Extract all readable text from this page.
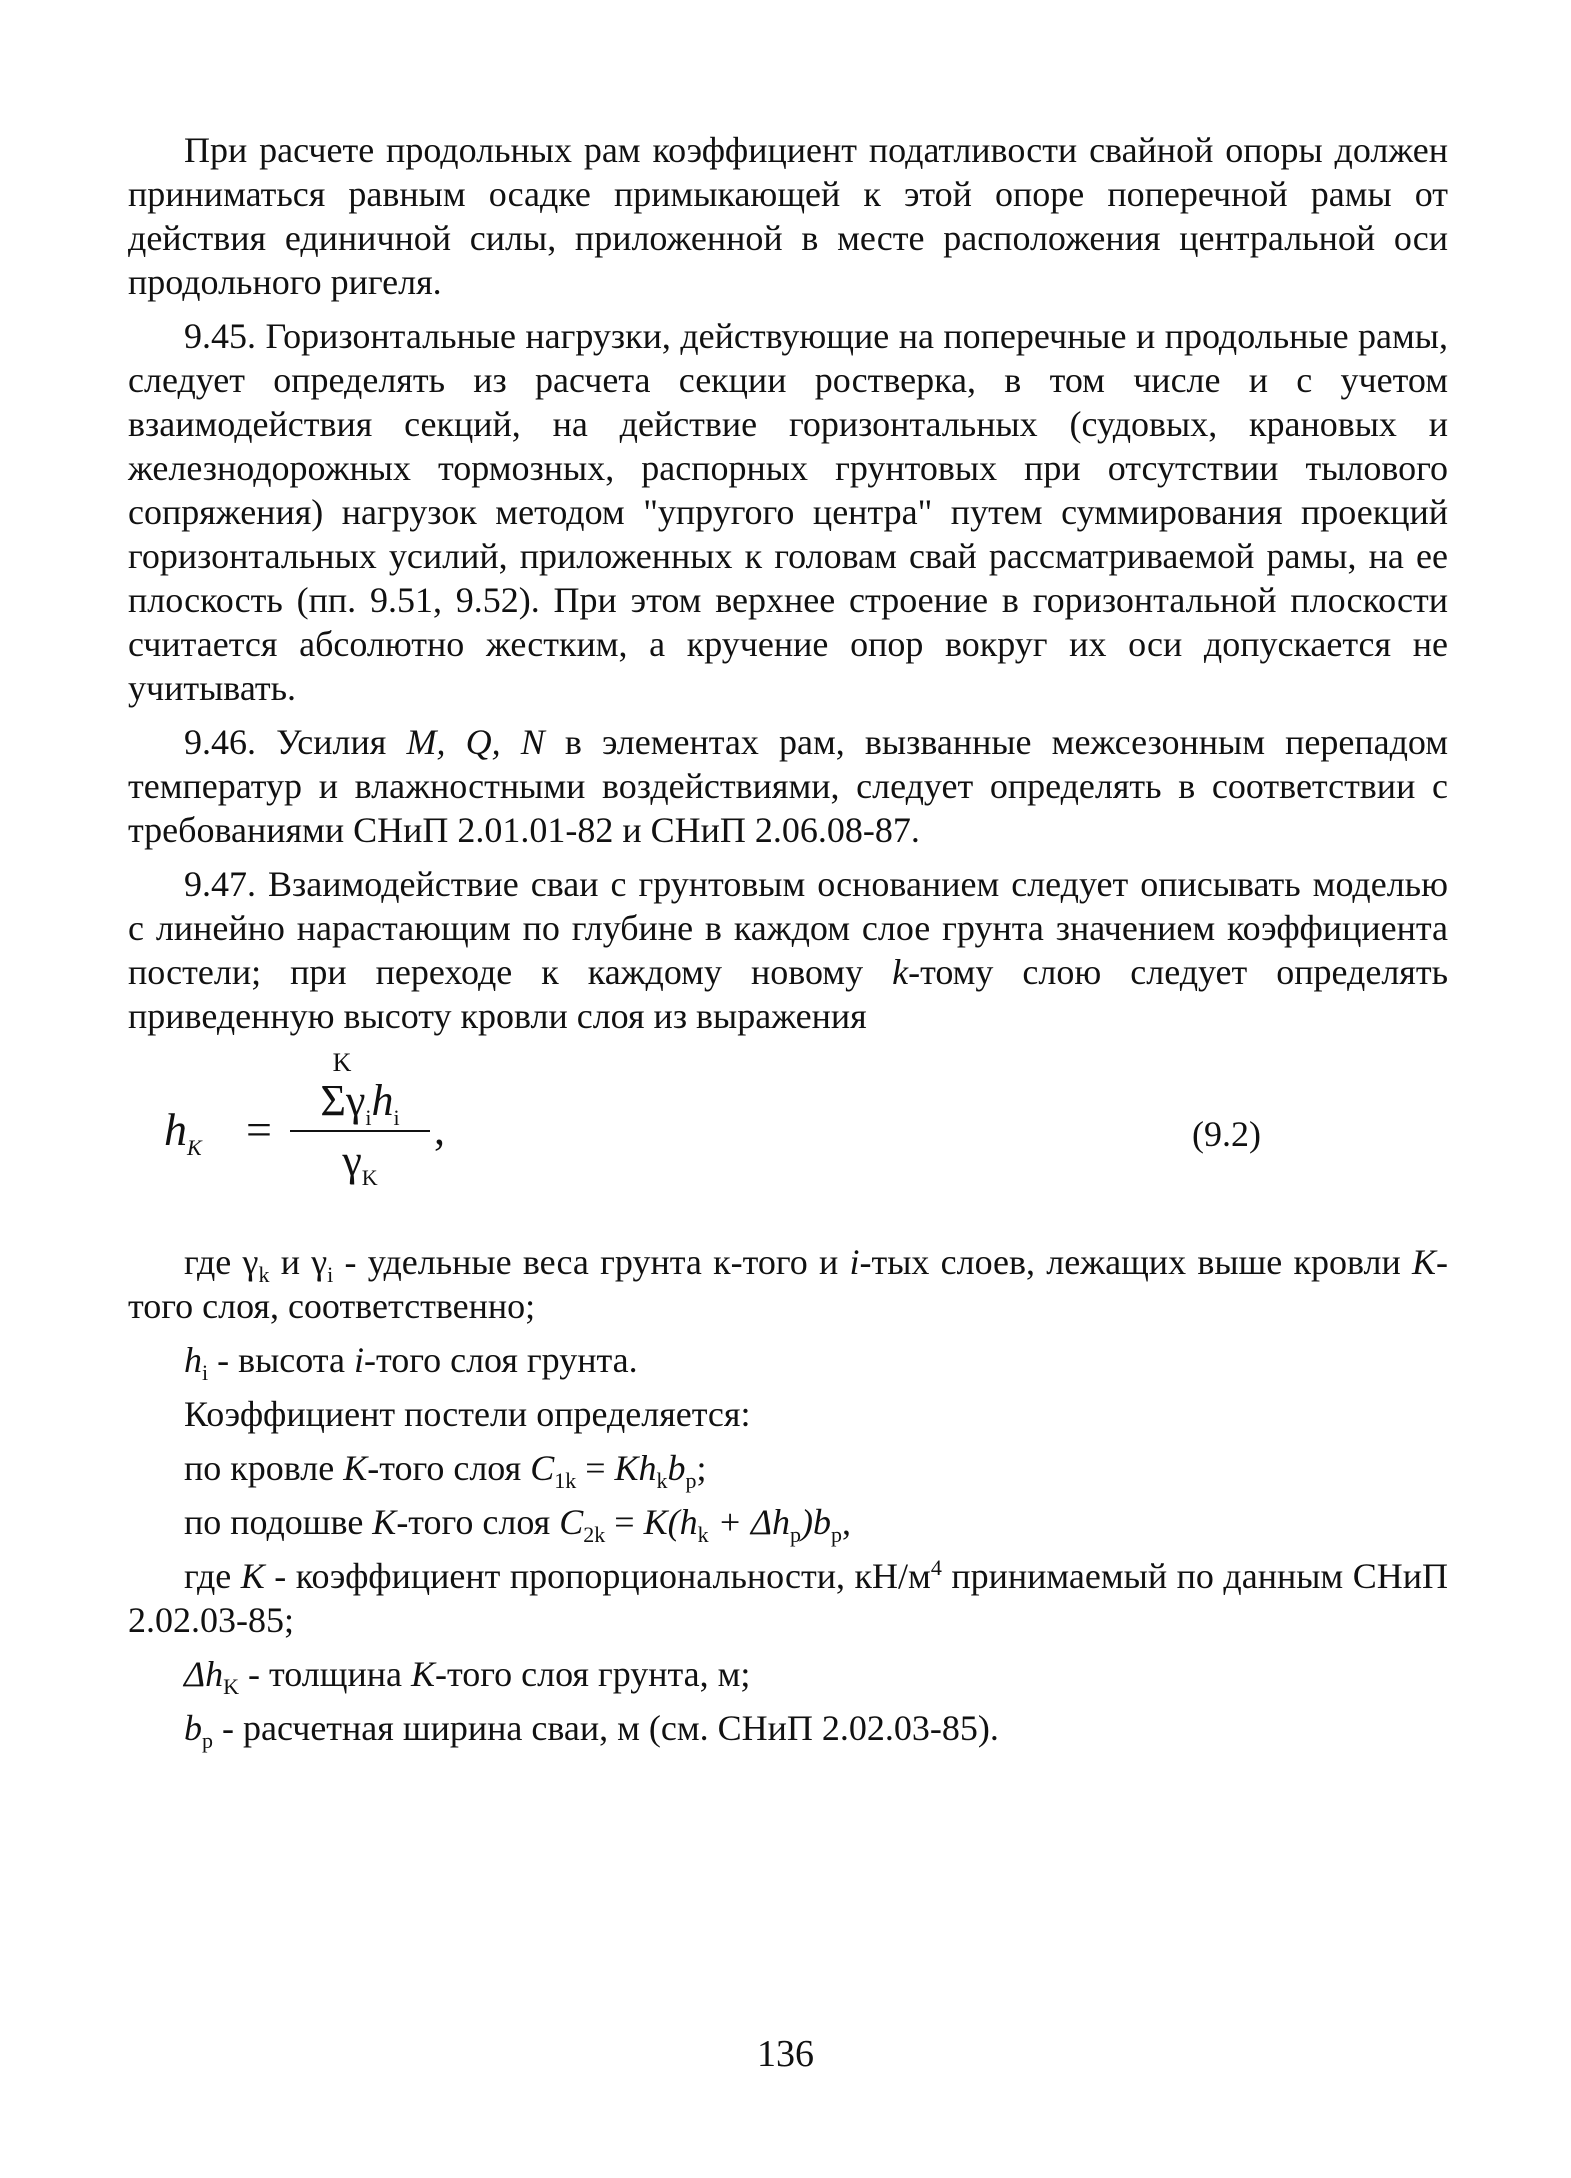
При расчете продольных рам коэффициент податливости свайной опоры должен приниматься равным осадке примыкающей к этой опоре поперечной рамы от действия единичной силы, приложенной в месте расположения центральной оси продольного ригеля.

9.45. Горизонтальные нагрузки, действующие на поперечные и продольные рамы, следует определять из расчета секции ростверка, в том числе и с учетом взаимодействия секций, на действие горизонтальных (судовых, крановых и железнодорожных тормозных, распорных грунтовых при отсутствии тылового сопряжения) нагрузок методом "упругого центра" путем суммирования проекций горизонтальных усилий, приложенных к головам свай рассматриваемой рамы, на ее плоскость (пп. 9.51, 9.52). При этом верхнее строение в горизонтальной плоскости считается абсолютно жестким, а кручение опор вокруг их оси допускается не учитывать.

9.46. Усилия M, Q, N в элементах рам, вызванные межсезонным перепадом температур и влажностными воздействиями, следует определять в соответствии с требованиями СНиП 2.01.01-82 и СНиП 2.06.08-87.

9.47. Взаимодействие сваи с грунтовым основанием следует описывать моделью с линейно нарастающим по глубине в каждом слое грунта значением коэффициента постели; при переходе к каждому новому k-тому слою следует определять приведенную высоту кровли слоя из выражения

$h_K$ =
K
$\Sigma\gamma_ih_i$
$\gamma_K$
,	(9.2)

где $\gamma_k$ и $\gamma_i$ - удельные веса грунта к-того и i-тых слоев, лежащих выше кровли K-того слоя, соответственно;

$h_i$ - высота i-того слоя грунта.

Коэффициент постели определяется:

по кровле K-того слоя $C_{1k} = Kh_kb_p$;

по подошве K-того слоя $C_{2k} = K(h_k + \Delta h_p)b_p$,

где K - коэффициент пропорциональности, $кН/м^4$ принимаемый по данным СНиП 2.02.03-85;

$\Delta h_K$ - толщина K-того слоя грунта, м;

$b_p$ - расчетная ширина сваи, м (см. СНиП 2.02.03-85).

136
